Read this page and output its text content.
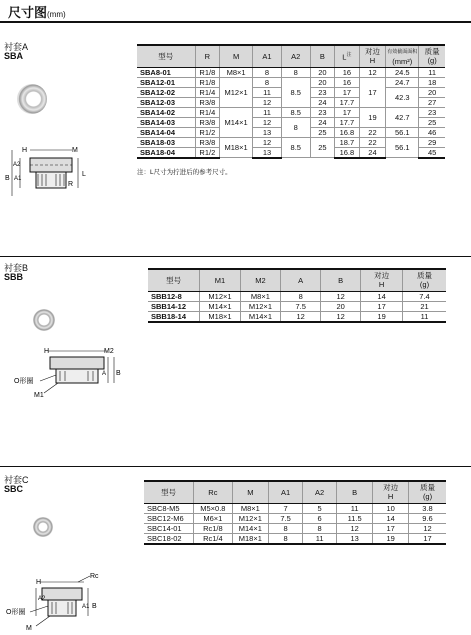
尺寸图(mm)
衬套A
SBA
H	M
A2
A1
B
L
R
型号	R	M	A1	A2	B	$L^注$	对边
H	有效截面面积
(mm²)	质量
(g)
SBA8-01	R1/8	M8×1	8	8	20	16	12	24.5	11
SBA12-01	R1/8	M12×1	8	8.5	20	16	17	24.7	18
SBA12-02	R1/4		11		23	17		42.3	20
SBA12-03	R3/8		12		24	17.7			27
SBA14-02	R1/4	M14×1	11	8.5	23	17	19	42.7	23
SBA14-03	R3/8		12	8	24	17.7			25
SBA14-04	R1/2		13		25	16.8	22	56.1	46
SBA18-03	R3/8	M18×1	12	8.5	25	18.7	22	56.1	29
SBA18-04	R1/2		13			16.8	24		45
注：L尺寸为拧进后的参考尺寸。
衬套B
SBB
H	M2
A B
O形圈
M1
型号	M1	M2	A	B	对边
H	质量
(g)
SBB12-8	M12×1	M8×1	8	12	14	7.4
SBB14-12	M14×1	M12×1	7.5	20	17	21
SBB18-14	M18×1	M14×1	12	12	19	11
衬套C
SBC
H
Rc
A2
A1 B
O形圈
M
型号	Rc	M	A1	A2	B	对边
H	质量
(g)
SBC8-M5	M5×0.8	M8×1	7	5	11	10	3.8
SBC12-M6	M6×1	M12×1	7.5	6	11.5	14	9.6
SBC14-01	Rc1/8	M14×1	8	8	12	17	12
SBC18-02	Rc1/4	M18×1	8	11	13	19	17
